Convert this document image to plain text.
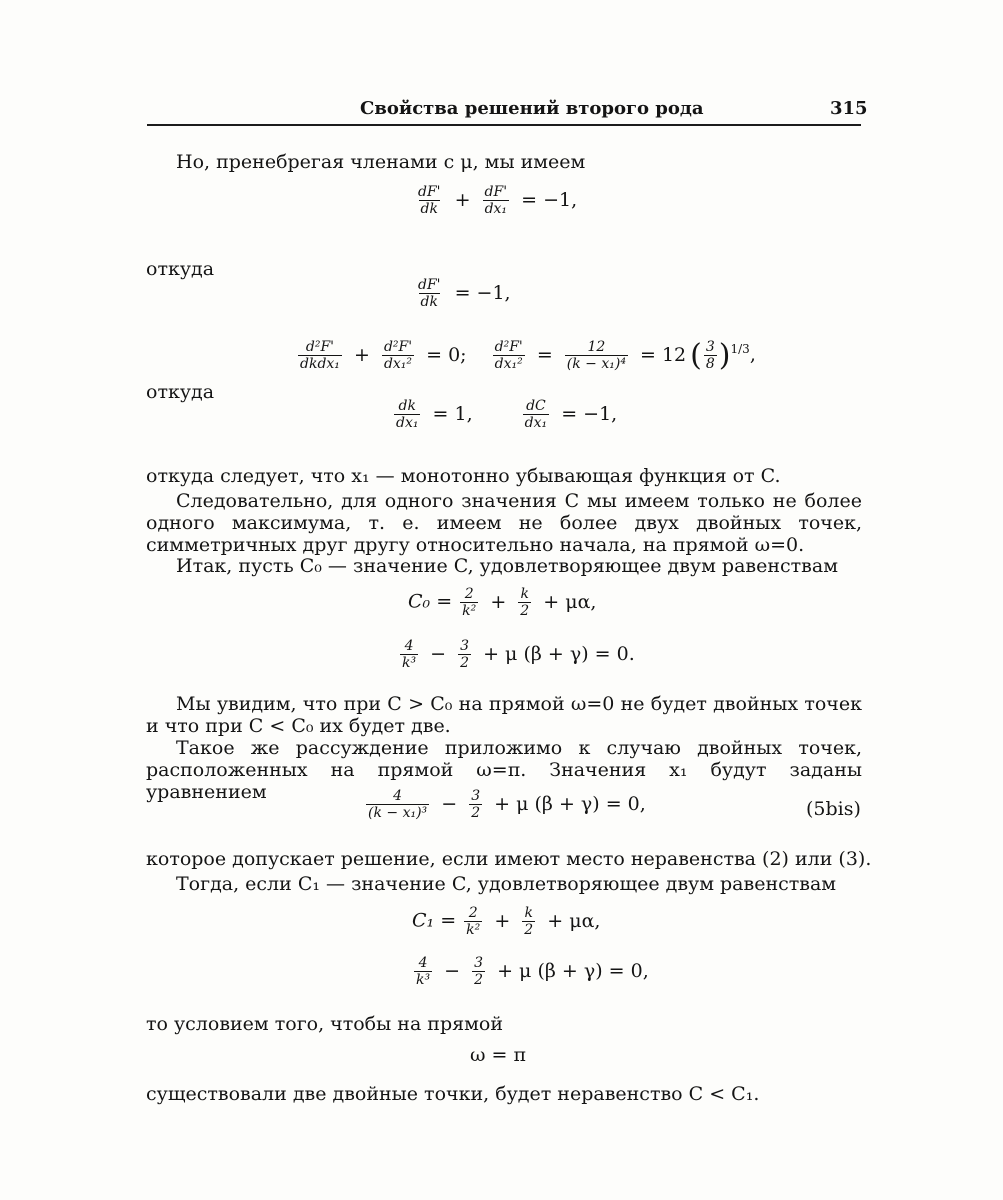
Свойства решений второго рода	315
Но, пренебрегая членами с μ, мы имеем
$\frac{dF'}{dk} + \frac{dF'}{\text{dx₁}} = -1$,
откуда
$\frac{dF'}{dk} = -1$,
$\frac{\text{d²F'}}{\text{dkdx₁}} + \frac{\text{d²F'}}{\text{dx₁²}} = 0$; $\frac{\text{d²F'}}{\text{dx₁²}} = \frac{12}{\text{(k − x₁)⁴}} = 12$ ( $\frac{3}{8} )^{1/3}$,
откуда
$\frac{dk}{\text{dx₁}} = 1$,	$\frac{dC}{\text{dx₁}} = -1$,
откуда следует, что x₁ — монотонно убывающая функция от C.
Следовательно, для одного значения C мы имеем только не более одного максимума, т. е. имеем не более двух двойных точек, симметричных друг другу относительно начала, на прямой ω=0.
Итак, пусть C₀ — значение C, удовлетворяющее двум равенствам
$C_0 = \frac{2}{\text{k²}} + \frac{k}{2} + \mu\alpha$,
$\frac{4}{\text{k³}} - \frac{3}{2} + \mu$ (β + γ) = 0.
Мы увидим, что при C > C₀ на прямой ω=0 не будет двойных точек и что при C < C₀ их будет две.
Такое же рассуждение приложимо к случаю двойных точек, расположенных на прямой ω=π. Значения x₁ будут заданы уравнением	$\frac{4}{\text{(k − x₁)³}} - \frac{3}{2} + \mu$ (β + γ) = 0,	(5bis)
которое допускает решение, если имеют место неравенства (2) или (3).
Тогда, если C₁ — значение C, удовлетворяющее двум равенствам
$C_1 = \frac{2}{\text{k²}} + \frac{k}{2} + \mu\alpha$,
$\frac{4}{\text{k³}} - \frac{3}{2} + \mu$ (β + γ) = 0,
то условием того, чтобы на прямой
ω = π
существовали две двойные точки, будет неравенство C < C₁.
